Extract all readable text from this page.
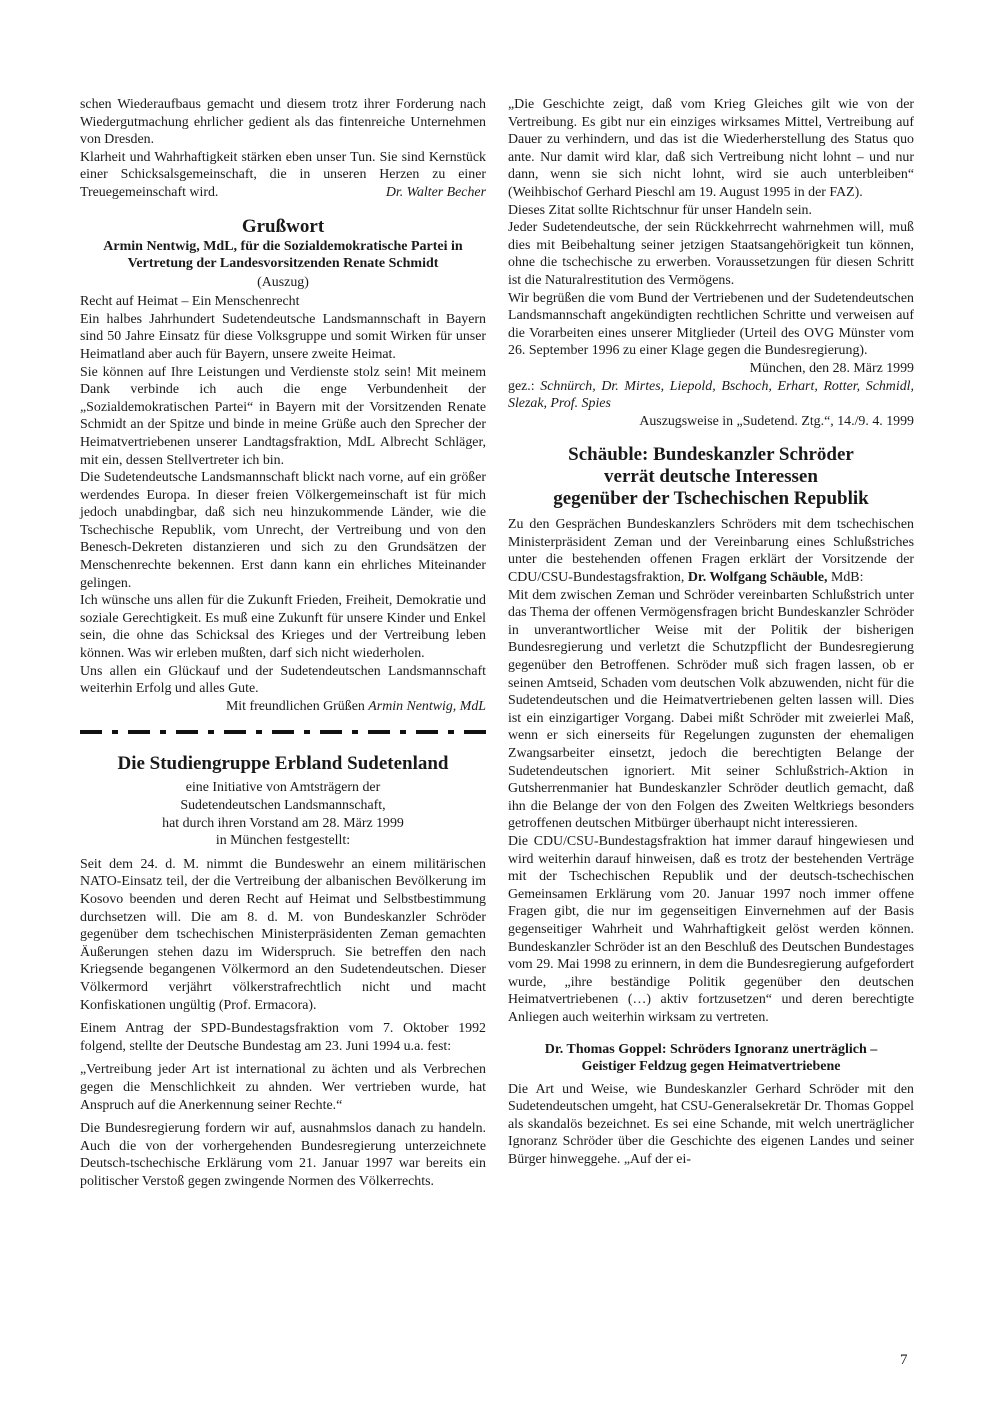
schen Wiederaufbaus gemacht und diesem trotz ihrer Forderung nach Wiedergutmachung ehrlicher gedient als das fintenreiche Unternehmen von Dresden.

Klarheit und Wahrhaftigkeit stärken eben unser Tun. Sie sind Kernstück einer Schicksalsgemeinschaft, die in unseren Herzen zu einer Treuegemeinschaft wird.	Dr. Walter Becher

Grußwort
Armin Nentwig, MdL, für die Sozialdemokratische Partei in Vertretung der Landesvorsitzenden Renate Schmidt
(Auszug)

Recht auf Heimat – Ein Menschenrecht

Ein halbes Jahrhundert Sudetendeutsche Landsmannschaft in Bayern sind 50 Jahre Einsatz für diese Volksgruppe und somit Wirken für unser Heimatland aber auch für Bayern, unsere zweite Heimat.

Sie können auf Ihre Leistungen und Verdienste stolz sein! Mit meinem Dank verbinde ich auch die enge Verbundenheit der „Sozialdemokratischen Partei“ in Bayern mit der Vorsitzenden Renate Schmidt an der Spitze und binde in meine Grüße auch den Sprecher der Heimatvertriebenen unserer Landtagsfraktion, MdL Albrecht Schläger, mit ein, dessen Stellvertreter ich bin.

Die Sudetendeutsche Landsmannschaft blickt nach vorne, auf ein größer werdendes Europa. In dieser freien Völkergemeinschaft ist für mich jedoch unabdingbar, daß sich neu hinzukommende Länder, wie die Tschechische Republik, vom Unrecht, der Vertreibung und von den Benesch-Dekreten distanzieren und sich zu den Grundsätzen der Menschenrechte bekennen. Erst dann kann ein ehrliches Miteinander gelingen.

Ich wünsche uns allen für die Zukunft Frieden, Freiheit, Demokratie und soziale Gerechtigkeit. Es muß eine Zukunft für unsere Kinder und Enkel sein, die ohne das Schicksal des Krieges und der Vertreibung leben können. Was wir erleben mußten, darf sich nicht wiederholen.

Uns allen ein Glückauf und der Sudetendeutschen Landsmannschaft weiterhin Erfolg und alles Gute.

Mit freundlichen Grüßen Armin Nentwig, MdL

Die Studiengruppe Erbland Sudetenland
eine Initiative von Amtsträgern der
Sudetendeutschen Landsmannschaft,
hat durch ihren Vorstand am 28. März 1999
in München festgestellt:

Seit dem 24. d. M. nimmt die Bundeswehr an einem militärischen NATO-Einsatz teil, der die Vertreibung der albanischen Bevölkerung im Kosovo beenden und deren Recht auf Heimat und Selbstbestimmung durchsetzen will. Die am 8. d. M. von Bundeskanzler Schröder gegenüber dem tschechischen Ministerpräsidenten Zeman gemachten Äußerungen stehen dazu im Widerspruch. Sie betreffen den nach Kriegsende begangenen Völkermord an den Sudetendeutschen. Dieser Völkermord verjährt völkerstrafrechtlich nicht und macht Konfiskationen ungültig (Prof. Ermacora).

Einem Antrag der SPD-Bundestagsfraktion vom 7. Oktober 1992 folgend, stellte der Deutsche Bundestag am 23. Juni 1994 u.a. fest:

„Vertreibung jeder Art ist international zu ächten und als Verbrechen gegen die Menschlichkeit zu ahnden. Wer vertrieben wurde, hat Anspruch auf die Anerkennung seiner Rechte.“

Die Bundesregierung fordern wir auf, ausnahmslos danach zu handeln. Auch die von der vorhergehenden Bundesregierung unterzeichnete Deutsch-tschechische Erklärung vom 21. Januar 1997 war bereits ein politischer Verstoß gegen zwingende Normen des Völkerrechts.

„Die Geschichte zeigt, daß vom Krieg Gleiches gilt wie von der Vertreibung. Es gibt nur ein einziges wirksames Mittel, Vertreibung auf Dauer zu verhindern, und das ist die Wiederherstellung des Status quo ante. Nur damit wird klar, daß sich Vertreibung nicht lohnt – und nur dann, wenn sie sich nicht lohnt, wird sie auch unterbleiben“ (Weihbischof Gerhard Pieschl am 19. August 1995 in der FAZ).

Dieses Zitat sollte Richtschnur für unser Handeln sein.

Jeder Sudetendeutsche, der sein Rückkehrrecht wahrnehmen will, muß dies mit Beibehaltung seiner jetzigen Staatsangehörigkeit tun können, ohne die tschechische zu erwerben. Voraussetzungen für diesen Schritt ist die Naturalrestitution des Vermögens.

Wir begrüßen die vom Bund der Vertriebenen und der Sudetendeutschen Landsmannschaft angekündigten rechtlichen Schritte und verweisen auf die Vorarbeiten eines unserer Mitglieder (Urteil des OVG Münster vom 26. September 1996 zu einer Klage gegen die Bundesregierung).

München, den 28. März 1999

gez.: Schnürch, Dr. Mirtes, Liepold, Bschoch, Erhart, Rotter, Schmidl, Slezak, Prof. Spies

Auszugsweise in „Sudetend. Ztg.“, 14./9. 4. 1999

Schäuble: Bundeskanzler Schröder
verrät deutsche Interessen
gegenüber der Tschechischen Republik

Zu den Gesprächen Bundeskanzlers Schröders mit dem tschechischen Ministerpräsident Zeman und der Vereinbarung eines Schlußstriches unter die bestehenden offenen Fragen erklärt der Vorsitzende der CDU/CSU-Bundestagsfraktion, Dr. Wolfgang Schäuble, MdB:

Mit dem zwischen Zeman und Schröder vereinbarten Schlußstrich unter das Thema der offenen Vermögensfragen bricht Bundeskanzler Schröder in unverantwortlicher Weise mit der Politik der bisherigen Bundesregierung und verletzt die Schutzpflicht der Bundesregierung gegenüber den Betroffenen. Schröder muß sich fragen lassen, ob er seinen Amtseid, Schaden vom deutschen Volk abzuwenden, nicht für die Sudetendeutschen und die Heimatvertriebenen gelten lassen will. Dies ist ein einzigartiger Vorgang. Dabei mißt Schröder mit zweierlei Maß, wenn er sich einerseits für Regelungen zugunsten der ehemaligen Zwangsarbeiter einsetzt, jedoch die berechtigten Belange der Sudetendeutschen ignoriert. Mit seiner Schlußstrich-Aktion in Gutsherrenmanier hat Bundeskanzler Schröder deutlich gemacht, daß ihn die Belange der von den Folgen des Zweiten Weltkriegs besonders getroffenen deutschen Mitbürger überhaupt nicht interessieren.

Die CDU/CSU-Bundestagsfraktion hat immer darauf hingewiesen und wird weiterhin darauf hinweisen, daß es trotz der bestehenden Verträge mit der Tschechischen Republik und der deutsch-tschechischen Gemeinsamen Erklärung vom 20. Januar 1997 noch immer offene Fragen gibt, die nur im gegenseitigen Einvernehmen auf der Basis gegenseitiger Wahrheit und Wahrhaftigkeit gelöst werden können. Bundeskanzler Schröder ist an den Beschluß des Deutschen Bundestages vom 29. Mai 1998 zu erinnern, in dem die Bundesregierung aufgefordert wurde, „ihre beständige Politik gegenüber den deutschen Heimatvertriebenen (…) aktiv fortzusetzen“ und deren berechtigte Anliegen auch weiterhin wirksam zu vertreten.

Dr. Thomas Goppel: Schröders Ignoranz unerträglich –
Geistiger Feldzug gegen Heimatvertriebene

Die Art und Weise, wie Bundeskanzler Gerhard Schröder mit den Sudetendeutschen umgeht, hat CSU-Generalsekretär Dr. Thomas Goppel als skandalös bezeichnet. Es sei eine Schande, mit welch unerträglicher Ignoranz Schröder über die Geschichte des eigenen Landes und seiner Bürger hinweggehe. „Auf der ei-

7
